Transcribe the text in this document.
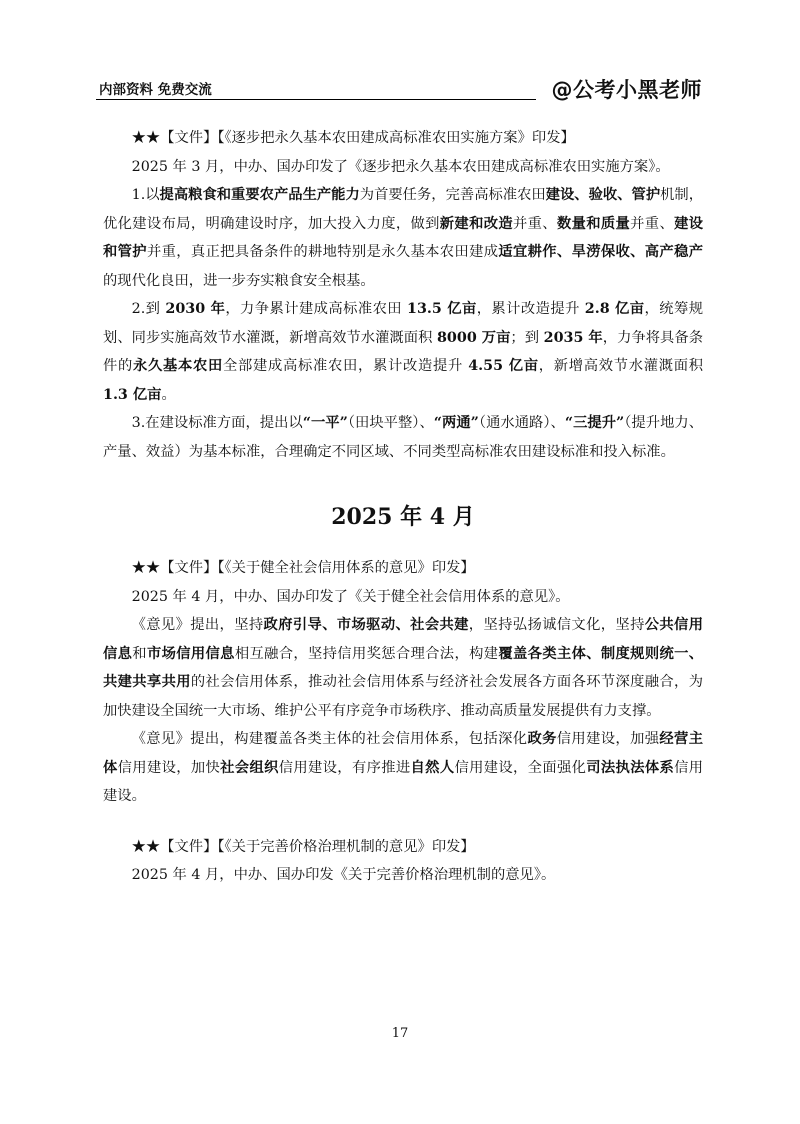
内部资料 免费交流	@公考小黑老师

★★【文件】【《逐步把永久基本农田建成高标准农田实施方案》印发】

2025 年 3 月，中办、国办印发了《逐步把永久基本农田建成高标准农田实施方案》。

1.以提高粮食和重要农产品生产能力为首要任务，完善高标准农田建设、验收、管护机制，优化建设布局，明确建设时序，加大投入力度，做到新建和改造并重、数量和质量并重、建设和管护并重，真正把具备条件的耕地特别是永久基本农田建成适宜耕作、旱涝保收、高产稳产的现代化良田，进一步夯实粮食安全根基。

2.到 2030 年，力争累计建成高标准农田 13.5 亿亩，累计改造提升 2.8 亿亩，统筹规划、同步实施高效节水灌溉，新增高效节水灌溉面积 8000 万亩；到 2035 年，力争将具备条件的永久基本农田全部建成高标准农田，累计改造提升 4.55 亿亩，新增高效节水灌溉面积 1.3 亿亩。

3.在建设标准方面，提出以“一平”（田块平整）、“两通”（通水通路）、“三提升”（提升地力、产量、效益）为基本标准，合理确定不同区域、不同类型高标准农田建设标准和投入标准。

2025 年 4 月

★★【文件】【《关于健全社会信用体系的意见》印发】

2025 年 4 月，中办、国办印发了《关于健全社会信用体系的意见》。

《意见》提出，坚持政府引导、市场驱动、社会共建，坚持弘扬诚信文化，坚持公共信用信息和市场信用信息相互融合，坚持信用奖惩合理合法，构建覆盖各类主体、制度规则统一、共建共享共用的社会信用体系，推动社会信用体系与经济社会发展各方面各环节深度融合，为加快建设全国统一大市场、维护公平有序竞争市场秩序、推动高质量发展提供有力支撑。

《意见》提出，构建覆盖各类主体的社会信用体系，包括深化政务信用建设，加强经营主体信用建设，加快社会组织信用建设，有序推进自然人信用建设，全面强化司法执法体系信用建设。

★★【文件】【《关于完善价格治理机制的意见》印发】

2025 年 4 月，中办、国办印发《关于完善价格治理机制的意见》。

17
